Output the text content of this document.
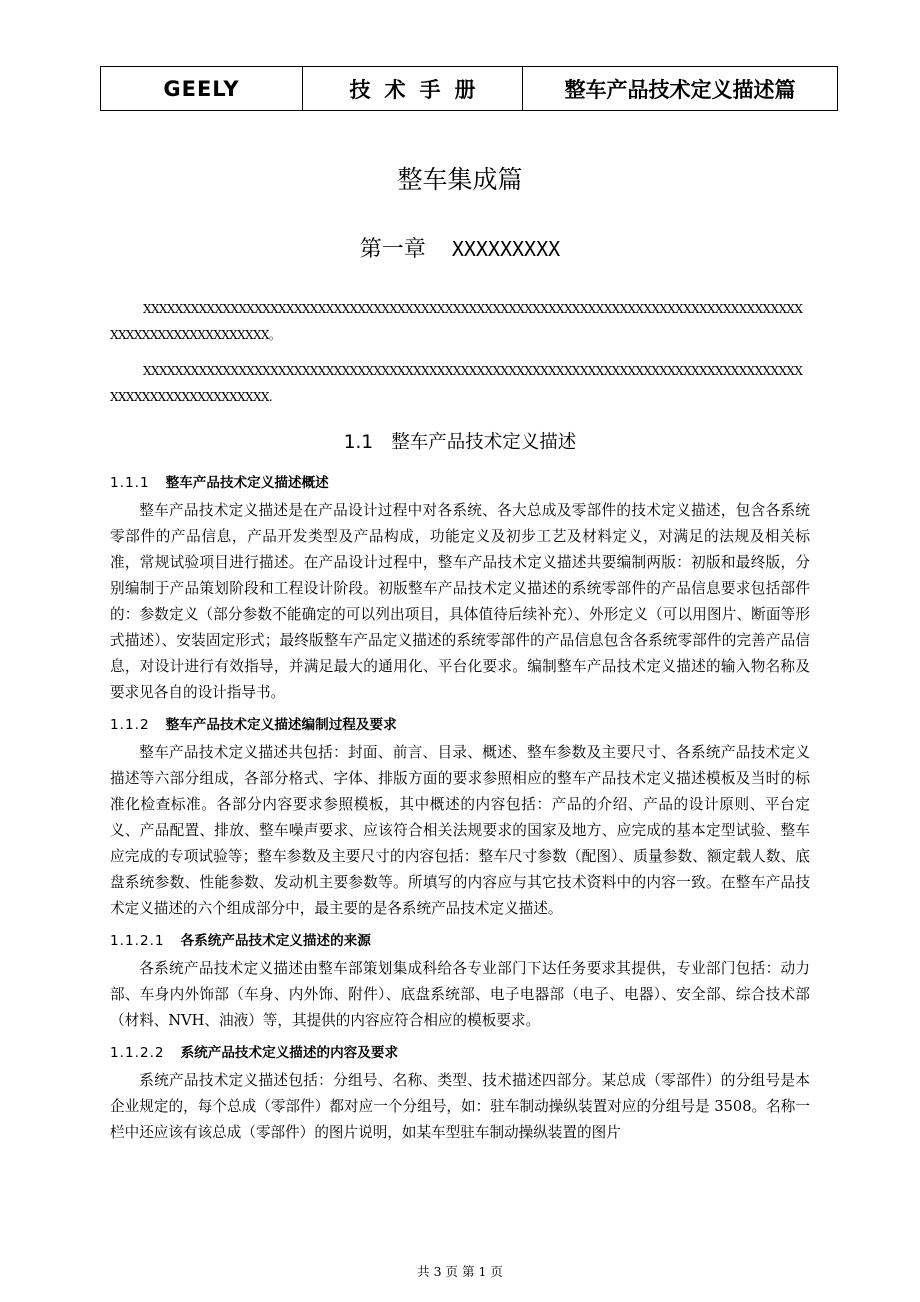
GEELY	技术手册	整车产品技术定义描述篇
整车集成篇
第一章 XXXXXXXXX

XXXXXXXXXXXXXXXXXXXXXXXXXXXXXXXXXXXXXXXXXXXXXXXXXXXXXXXXXXXXXXXXXXXXXXXXXXXXXXXXXXXXXXXXXXXXXXXXXXXXXXX。

XXXXXXXXXXXXXXXXXXXXXXXXXXXXXXXXXXXXXXXXXXXXXXXXXXXXXXXXXXXXXXXXXXXXXXXXXXXXXXXXXXXXXXXXXXXXXXXXXXXXXXX.

1.1 整车产品技术定义描述
1.1.1 整车产品技术定义描述概述

整车产品技术定义描述是在产品设计过程中对各系统、各大总成及零部件的技术定义描述，包含各系统零部件的产品信息，产品开发类型及产品构成，功能定义及初步工艺及材料定义，对满足的法规及相关标准，常规试验项目进行描述。在产品设计过程中，整车产品技术定义描述共要编制两版：初版和最终版，分别编制于产品策划阶段和工程设计阶段。初版整车产品技术定义描述的系统零部件的产品信息要求包括部件的：参数定义（部分参数不能确定的可以列出项目，具体值待后续补充）、外形定义（可以用图片、断面等形式描述）、安装固定形式；最终版整车产品定义描述的系统零部件的产品信息包含各系统零部件的完善产品信息，对设计进行有效指导，并满足最大的通用化、平台化要求。编制整车产品技术定义描述的输入物名称及要求见各自的设计指导书。

1.1.2 整车产品技术定义描述编制过程及要求

整车产品技术定义描述共包括：封面、前言、目录、概述、整车参数及主要尺寸、各系统产品技术定义描述等六部分组成，各部分格式、字体、排版方面的要求参照相应的整车产品技术定义描述模板及当时的标准化检查标准。各部分内容要求参照模板，其中概述的内容包括：产品的介绍、产品的设计原则、平台定义、产品配置、排放、整车噪声要求、应该符合相关法规要求的国家及地方、应完成的基本定型试验、整车应完成的专项试验等；整车参数及主要尺寸的内容包括：整车尺寸参数（配图）、质量参数、额定载人数、底盘系统参数、性能参数、发动机主要参数等。所填写的内容应与其它技术资料中的内容一致。在整车产品技术定义描述的六个组成部分中，最主要的是各系统产品技术定义描述。

1.1.2.1 各系统产品技术定义描述的来源

各系统产品技术定义描述由整车部策划集成科给各专业部门下达任务要求其提供，专业部门包括：动力部、车身内外饰部（车身、内外饰、附件）、底盘系统部、电子电器部（电子、电器）、安全部、综合技术部（材料、NVH、油液）等，其提供的内容应符合相应的模板要求。

1.1.2.2 系统产品技术定义描述的内容及要求

系统产品技术定义描述包括：分组号、名称、类型、技术描述四部分。某总成（零部件）的分组号是本企业规定的，每个总成（零部件）都对应一个分组号，如：驻车制动操纵装置对应的分组号是 3508。名称一栏中还应该有该总成（零部件）的图片说明，如某车型驻车制动操纵装置的图片

共 3 页 第 1 页
